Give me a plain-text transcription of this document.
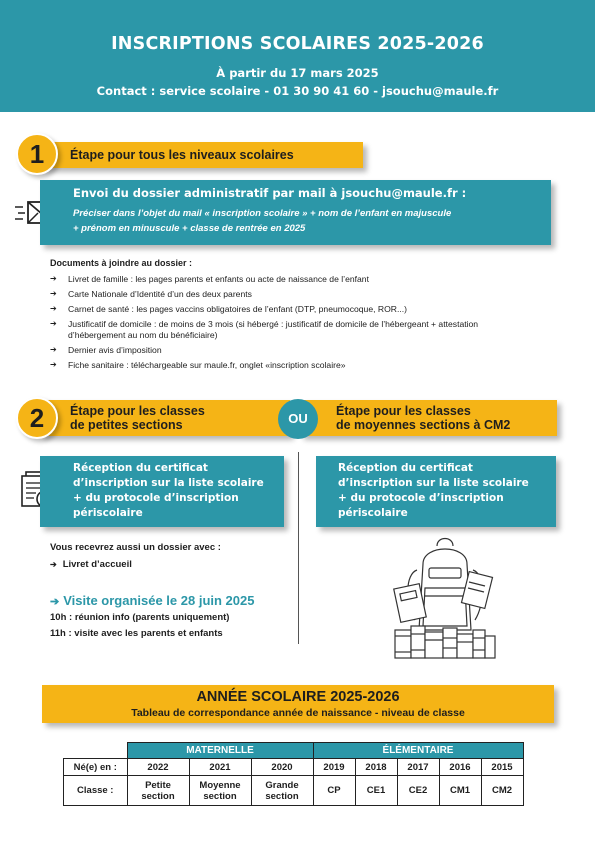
INSCRIPTIONS SCOLAIRES 2025-2026
À partir du 17 mars 2025
Contact : service scolaire - 01 30 90 41 60 - jsouchu@maule.fr
Étape pour tous les niveaux scolaires
1
Envoi du dossier administratif par mail à jsouchu@maule.fr :
Préciser dans l’objet du mail « inscription scolaire » + nom de l’enfant en majuscule
+ prénom en minuscule + classe de rentrée en 2025
Documents à joindre au dossier :
➔ Livret de famille : les pages parents et enfants ou acte de naissance de l’enfant
➔ Carte Nationale d’Identité d’un des deux parents
➔ Carnet de santé : les pages vaccins obligatoires de l’enfant (DTP, pneumocoque, ROR...)
➔ Justificatif de domicile : de moins de 3 mois (si hébergé : justificatif de domicile de l’hébergeant + attestation d’hébergement au nom du bénéficiaire)
➔ Dernier avis d’imposition
➔ Fiche sanitaire : téléchargeable sur maule.fr, onglet «inscription scolaire»
Étape pour les classes
de petites sections
Étape pour les classes
de moyennes sections à CM2
2	OU
Réception du certificat
d’inscription sur la liste scolaire
+ du protocole d’inscription
périscolaire
Réception du certificat
d’inscription sur la liste scolaire
+ du protocole d’inscription
périscolaire
Vous recevrez aussi un dossier avec :
➔ Livret d’accueil
➔ Visite organisée le 28 juin 2025
10h : réunion info (parents uniquement)
11h : visite avec les parents et enfants
ANNÉE SCOLAIRE 2025-2026
Tableau de correspondance année de naissance - niveau de classe
	MATERNELLE			ÉLÉMENTAIRE				
Né(e) en :	2022	2021	2020	2019	2018	2017	2016	2015
Classe :	Petite section	Moyenne section	Grande section	CP	CE1	CE2	CM1	CM2
